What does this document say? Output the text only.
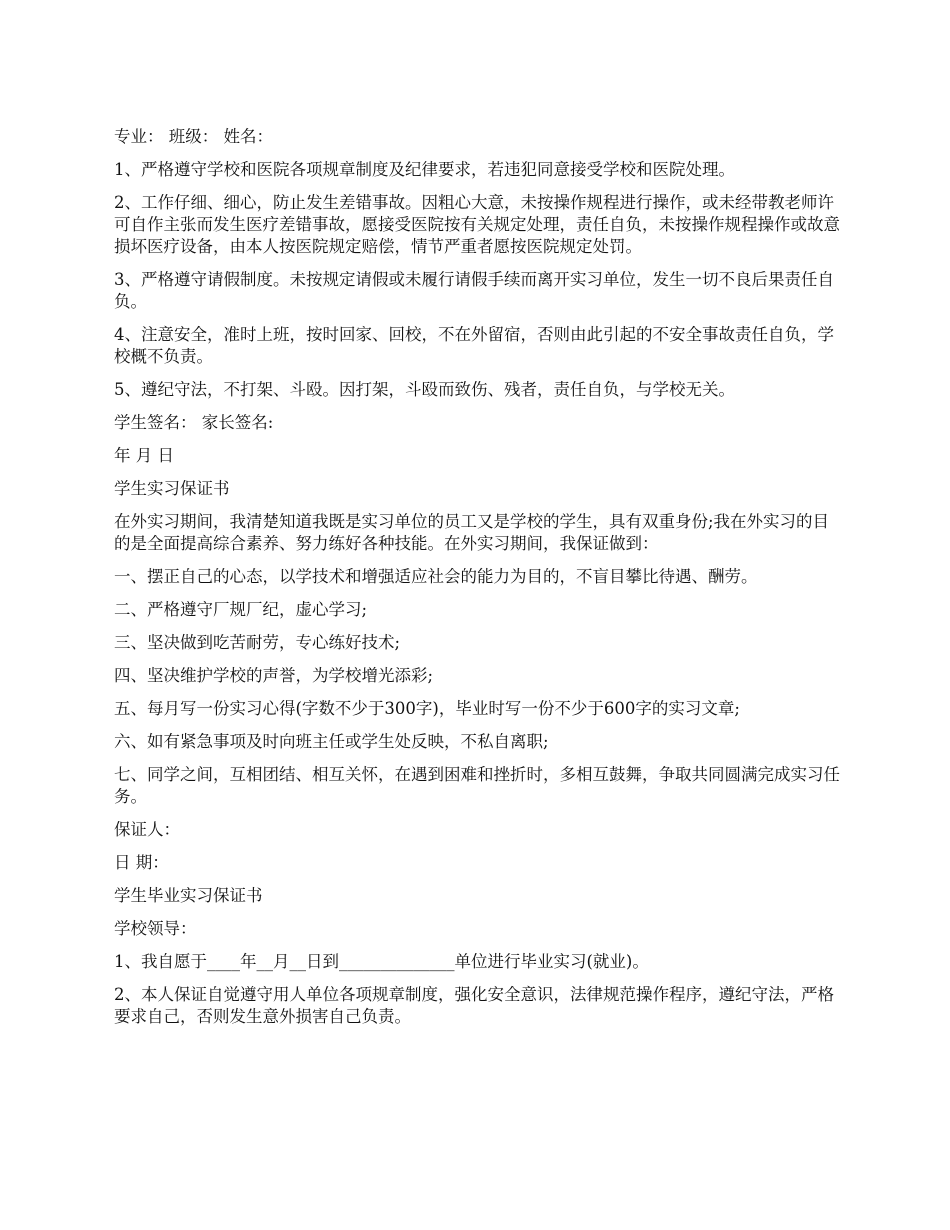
专业： 班级： 姓名：

1、严格遵守学校和医院各项规章制度及纪律要求，若违犯同意接受学校和医院处理。

2、工作仔细、细心，防止发生差错事故。因粗心大意，未按操作规程进行操作，或未经带教老师许可自作主张而发生医疗差错事故，愿接受医院按有关规定处理，责任自负，未按操作规程操作或故意损坏医疗设备，由本人按医院规定赔偿，情节严重者愿按医院规定处罚。

3、严格遵守请假制度。未按规定请假或未履行请假手续而离开实习单位，发生一切不良后果责任自负。

4、注意安全，准时上班，按时回家、回校，不在外留宿，否则由此引起的不安全事故责任自负，学校概不负责。

5、遵纪守法，不打架、斗殴。因打架，斗殴而致伤、残者，责任自负，与学校无关。

学生签名： 家长签名:

年 月 日

学生实习保证书

在外实习期间，我清楚知道我既是实习单位的员工又是学校的学生，具有双重身份;我在外实习的目的是全面提高综合素养、努力练好各种技能。在外实习期间，我保证做到：

一、摆正自己的心态，以学技术和增强适应社会的能力为目的，不盲目攀比待遇、酬劳。

二、严格遵守厂规厂纪，虚心学习;

三、坚决做到吃苦耐劳，专心练好技术;

四、坚决维护学校的声誉，为学校增光添彩;

五、每月写一份实习心得(字数不少于300字)，毕业时写一份不少于600字的实习文章;

六、如有紧急事项及时向班主任或学生处反映，不私自离职;

七、同学之间，互相团结、相互关怀，在遇到困难和挫折时，多相互鼓舞，争取共同圆满完成实习任务。

保证人：

日 期：

学生毕业实习保证书

学校领导：

1、我自愿于____年__月__日到______________单位进行毕业实习(就业)。

2、本人保证自觉遵守用人单位各项规章制度，强化安全意识，法律规范操作程序，遵纪守法，严格要求自己，否则发生意外损害自己负责。
